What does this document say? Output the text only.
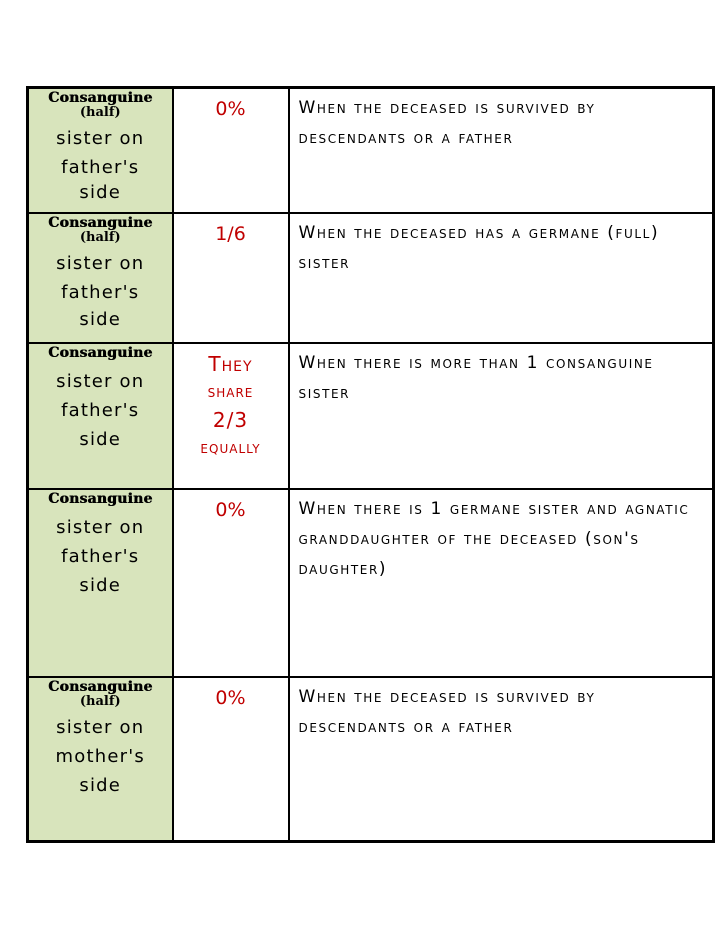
Consanguine
(half)
sister on
father's
side	0%	When the deceased is survived by descendants or a father

Consanguine
(half)
sister on
father's
side	1/6	When the deceased has a germane (full) sister

Consanguine
sister on
father's
side	They
share
2/3
equally	When there is more than 1 consanguine sister

Consanguine
sister on
father's
side	0%	When there is 1 germane sister and agnatic granddaughter of the deceased (son's daughter)

Consanguine
(half)
sister on
mother's
side	0%	When the deceased is survived by descendants or a father
